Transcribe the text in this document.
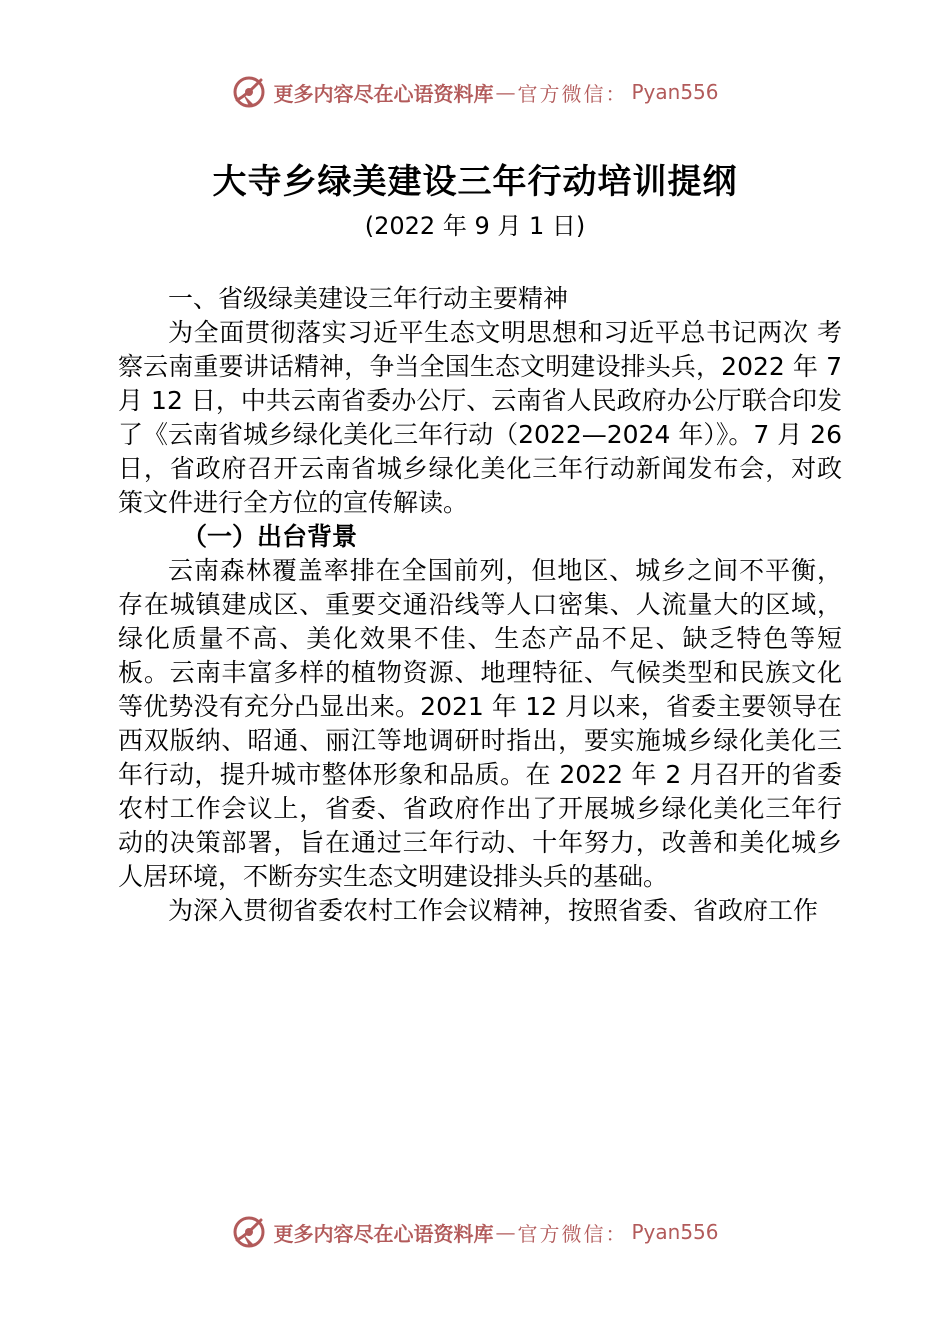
更多内容尽在心语资料库 — 官方微信： Pyan556
大寺乡绿美建设三年行动培训提纲
(2022 年 9 月 1 日)

一、省级绿美建设三年行动主要精神

为全面贯彻落实习近平生态文明思想和习近平总书记两次 考察云南重要讲话精神，争当全国生态文明建设排头兵，2022 年 7 月 12 日，中共云南省委办公厅、云南省人民政府办公厅联合印发了《云南省城乡绿化美化三年行动（2022—2024 年）》。7 月 26 日，省政府召开云南省城乡绿化美化三年行动新闻发布会，对政策文件进行全方位的宣传解读。

（一）出台背景

云南森林覆盖率排在全国前列，但地区、城乡之间不平衡，存在城镇建成区、重要交通沿线等人口密集、人流量大的区域， 绿化质量不高、美化效果不佳、生态产品不足、缺乏特色等短板。云南丰富多样的植物资源、地理特征、气候类型和民族文化等优势没有充分凸显出来。2021 年 12 月以来，省委主要领导在西双版纳、昭通、丽江等地调研时指出，要实施城乡绿化美化三年行动，提升城市整体形象和品质。在 2022 年 2 月召开的省委农村工作会议上，省委、省政府作出了开展城乡绿化美化三年行动的决策部署，旨在通过三年行动、十年努力，改善和美化城乡人居环境，不断夯实生态文明建设排头兵的基础。

为深入贯彻省委农村工作会议精神，按照省委、省政府工作

更多内容尽在心语资料库 — 官方微信： Pyan556
